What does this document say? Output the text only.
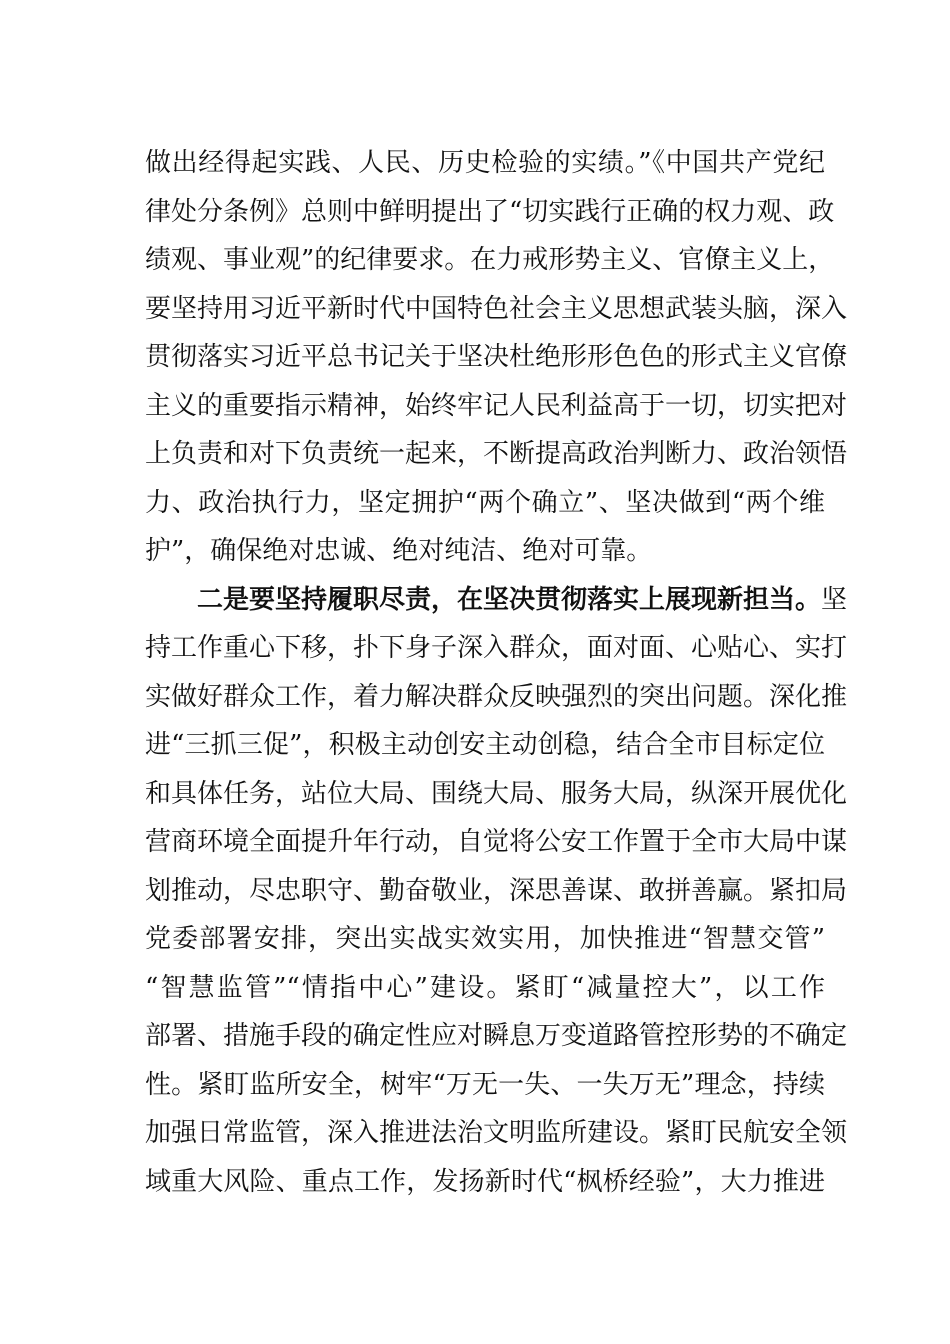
做出经得起实践、人民、历史检验的实绩。”《中国共产党纪
律处分条例》总则中鲜明提出了“切实践行正确的权力观、政
绩观、事业观”的纪律要求。在力戒形势主义、官僚主义上，
要坚持用习近平新时代中国特色社会主义思想武装头脑，深入
贯彻落实习近平总书记关于坚决杜绝形形色色的形式主义官僚
主义的重要指示精神，始终牢记人民利益高于一切，切实把对
上负责和对下负责统一起来，不断提高政治判断力、政治领悟
力、政治执行力，坚定拥护“两个确立”、坚决做到“两个维
护”，确保绝对忠诚、绝对纯洁、绝对可靠。
二是要坚持履职尽责，在坚决贯彻落实上展现新担当。坚
持工作重心下移，扑下身子深入群众，面对面、心贴心、实打
实做好群众工作，着力解决群众反映强烈的突出问题。深化推
进“三抓三促”，积极主动创安主动创稳，结合全市目标定位
和具体任务，站位大局、围绕大局、服务大局，纵深开展优化
营商环境全面提升年行动，自觉将公安工作置于全市大局中谋
划推动，尽忠职守、勤奋敬业，深思善谋、敢拼善赢。紧扣局
党委部署安排，突出实战实效实用，加快推进“智慧交管”
“智慧监管”“情指中心”建设。紧盯“减量控大”，以工作
部署、措施手段的确定性应对瞬息万变道路管控形势的不确定
性。紧盯监所安全，树牢“万无一失、一失万无”理念，持续
加强日常监管，深入推进法治文明监所建设。紧盯民航安全领
域重大风险、重点工作，发扬新时代“枫桥经验”，大力推进
